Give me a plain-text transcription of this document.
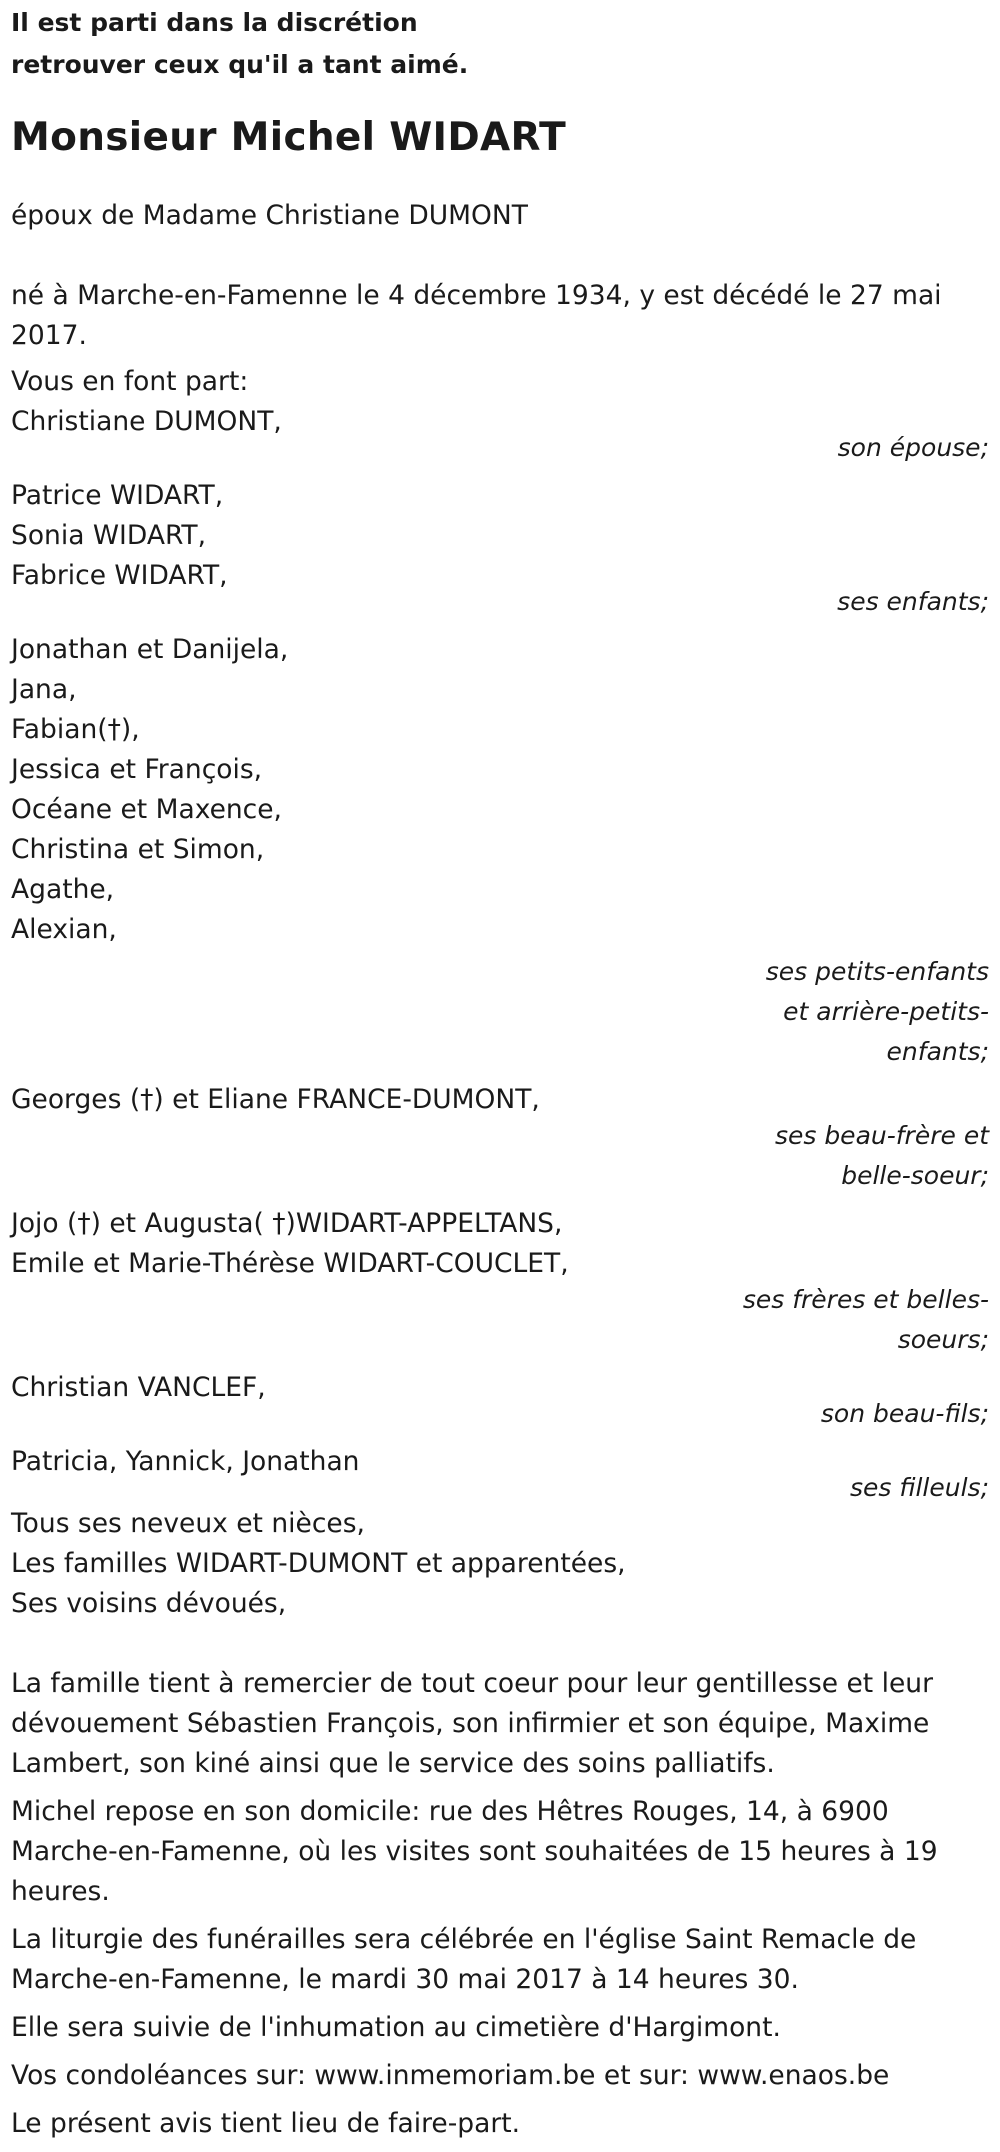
Il est parti dans la discrétion

retrouver ceux qu'il a tant aimé.

Monsieur Michel WIDART

époux de Madame Christiane DUMONT

né à Marche-en-Famenne le 4 décembre 1934, y est décédé le 27 mai 2017.

Vous en font part:

Christiane DUMONT,

son épouse;

Patrice WIDART,

Sonia WIDART,

Fabrice WIDART,

ses enfants;

Jonathan et Danijela,

Jana,

Fabian(†),

Jessica et François,

Océane et Maxence,

Christina et Simon,

Agathe,

Alexian,

ses petits-enfants et arrière-petits-enfants;

Georges (†) et Eliane FRANCE-DUMONT,

ses beau-frère et belle-soeur;

Jojo (†) et Augusta( †)WIDART-APPELTANS,

Emile et Marie-Thérèse WIDART-COUCLET,

ses frères et belles-soeurs;

Christian VANCLEF,

son beau-fils;

Patricia, Yannick, Jonathan

ses filleuls;

Tous ses neveux et nièces,

Les familles WIDART-DUMONT et apparentées,

Ses voisins dévoués,

La famille tient à remercier de tout coeur pour leur gentillesse et leur dévouement Sébastien François, son infirmier et son équipe, Maxime Lambert, son kiné ainsi que le service des soins palliatifs.

Michel repose en son domicile: rue des Hêtres Rouges, 14, à 6900 Marche-en-Famenne, où les visites sont souhaitées de 15 heures à 19 heures.

La liturgie des funérailles sera célébrée en l'église Saint Remacle de Marche-en-Famenne, le mardi 30 mai 2017 à 14 heures 30.

Elle sera suivie de l'inhumation au cimetière d'Hargimont.

Vos condoléances sur: www.inmemoriam.be et sur: www.enaos.be

Le présent avis tient lieu de faire-part.
